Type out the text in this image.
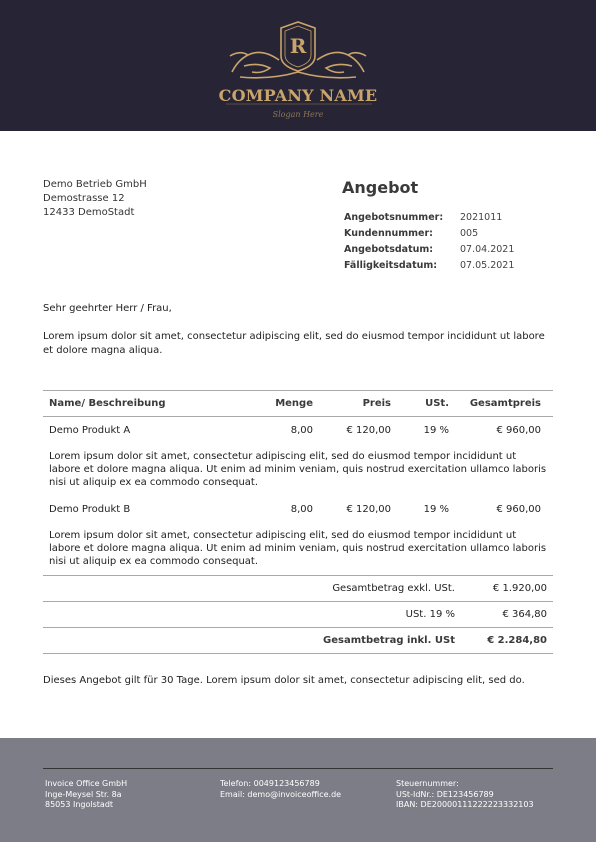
R
COMPANY NAME
Slogan Here
Demo Betrieb GmbH
Demostrasse 12
12433 DemoStadt
Angebot
Angebotsnummer:	2021011
Kundennummer:	005
Angebotsdatum:	07.04.2021
Fälligkeitsdatum:	07.05.2021
Sehr geehrter Herr / Frau,
Lorem ipsum dolor sit amet, consectetur adipiscing elit, sed do eiusmod tempor incididunt ut labore et dolore magna aliqua.
Name/ Beschreibung	Menge	Preis	USt.	Gesamtpreis
Demo Produkt A	8,00	€ 120,00	19 %	€ 960,00
Lorem ipsum dolor sit amet, consectetur adipiscing elit, sed do eiusmod tempor incididunt ut labore et dolore magna aliqua. Ut enim ad minim veniam, quis nostrud exercitation ullamco laboris nisi ut aliquip ex ea commodo consequat.
Demo Produkt B	8,00	€ 120,00	19 %	€ 960,00
Lorem ipsum dolor sit amet, consectetur adipiscing elit, sed do eiusmod tempor incididunt ut labore et dolore magna aliqua. Ut enim ad minim veniam, quis nostrud exercitation ullamco laboris nisi ut aliquip ex ea commodo consequat.
Gesamtbetrag exkl. USt.	€ 1.920,00
USt. 19 %	€ 364,80
Gesamtbetrag inkl. USt	€ 2.284,80
Dieses Angebot gilt für 30 Tage. Lorem ipsum dolor sit amet, consectetur adipiscing elit, sed do.
Invoice Office GmbH
Inge-Meysel Str. 8a
85053 Ingolstadt
Telefon: 0049123456789
Email: demo@invoiceoffice.de
Steuernummer:
USt-IdNr.: DE123456789
IBAN: DE20000111222223332103
